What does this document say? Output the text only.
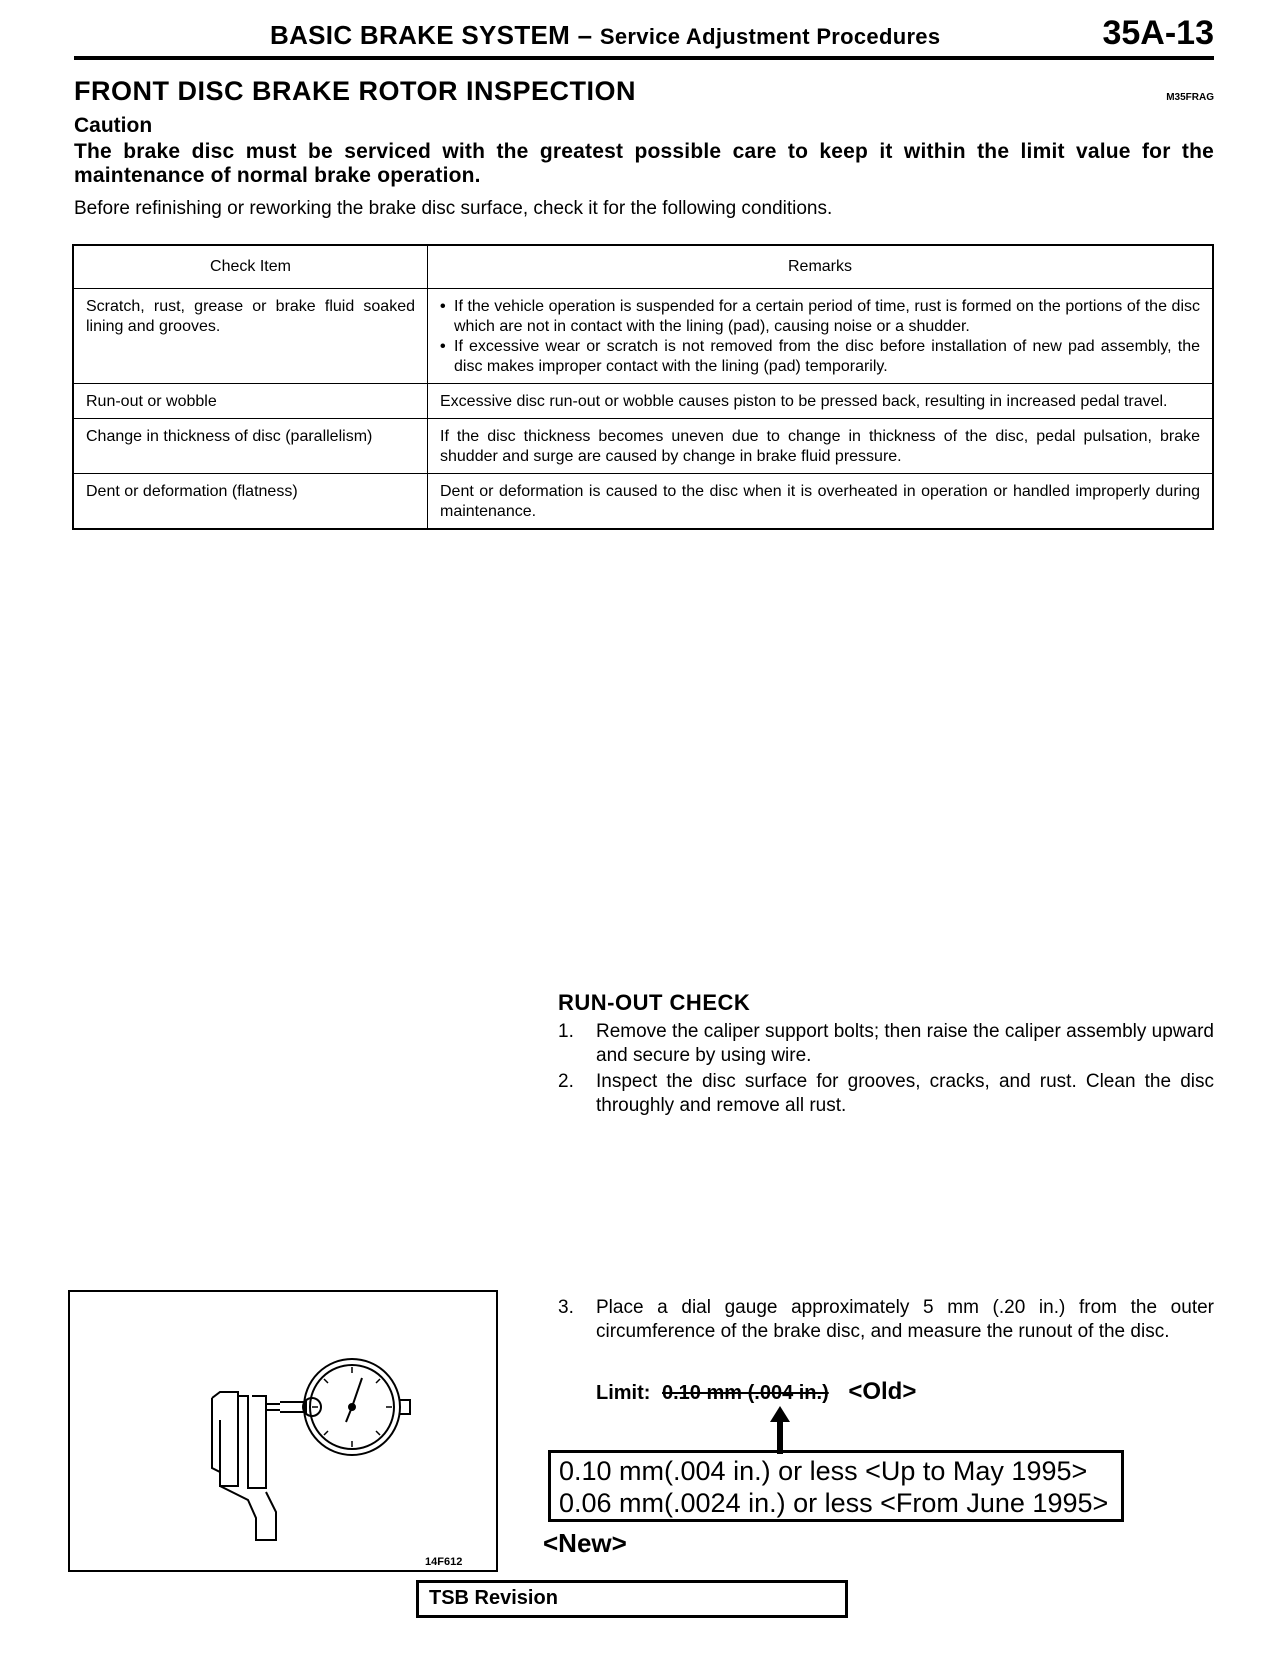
BASIC BRAKE SYSTEM – Service Adjustment Procedures	35A-13
FRONT DISC BRAKE ROTOR INSPECTION	M35FRAG
Caution
The brake disc must be serviced with the greatest possible care to keep it within the limit value for the maintenance of normal brake operation.
Before refinishing or reworking the brake disc surface, check it for the following conditions.
Check Item	Remarks
Scratch, rust, grease or brake fluid soaked lining and grooves.	• If the vehicle operation is suspended for a certain period of time, rust is formed on the portions of the disc which are not in contact with the lining (pad), causing noise or a shudder.
• If excessive wear or scratch is not removed from the disc before installation of new pad assembly, the disc makes improper contact with the lining (pad) temporarily.

Run-out or wobble	Excessive disc run-out or wobble causes piston to be pressed back, resulting in increased pedal travel.
Change in thickness of disc (parallelism)	If the disc thickness becomes uneven due to change in thickness of the disc, pedal pulsation, brake shudder and surge are caused by change in brake fluid pressure.
Dent or deformation (flatness)	Dent or deformation is caused to the disc when it is overheated in operation or handled improperly during maintenance.
RUN-OUT CHECK
1.	Remove the caliper support bolts; then raise the caliper assembly upward and secure by using wire.
2.	Inspect the disc surface for grooves, cracks, and rust. Clean the disc throughly and remove all rust.
3.	Place a dial gauge approximately 5 mm (.20 in.) from the outer circumference of the brake disc, and measure the runout of the disc.
Limit: 0.10 mm (.004 in.) <Old>
0.10 mm(.004 in.) or less <Up to May 1995>
0.06 mm(.0024 in.) or less <From June 1995>
<New>
14F612
TSB Revision
